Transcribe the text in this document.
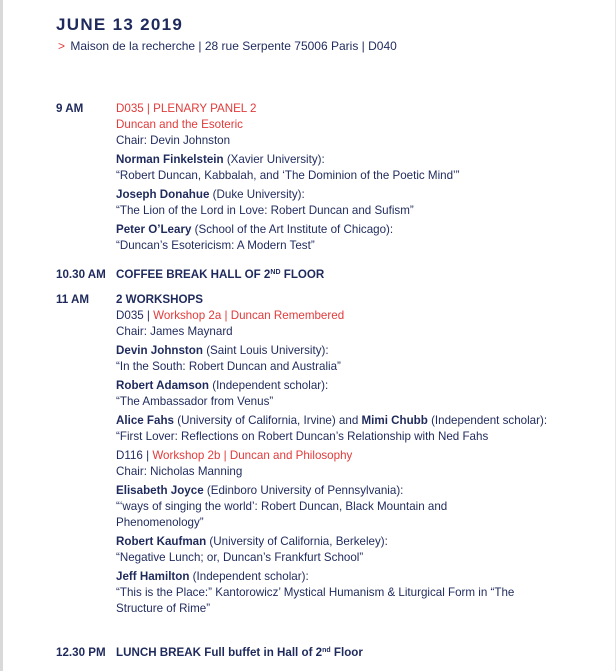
JUNE 13 2019
> Maison de la recherche | 28 rue Serpente 75006 Paris | D040
9 AM	D035 | PLENARY PANEL 2
Duncan and the Esoteric
Chair: Devin Johnston
Norman Finkelstein (Xavier University):
“Robert Duncan, Kabbalah, and ‘The Dominion of the Poetic Mind’”
Joseph Donahue (Duke University):
“The Lion of the Lord in Love: Robert Duncan and Sufism”
Peter O’Leary (School of the Art Institute of Chicago):
“Duncan’s Esotericism: A Modern Test”
10.30 AM COFFEE BREAK HALL OF 2ND FLOOR
11 AM 2 WORKSHOPS
D035 | Workshop 2a | Duncan Remembered
Chair: James Maynard
Devin Johnston (Saint Louis University):
“In the South: Robert Duncan and Australia”
Robert Adamson (Independent scholar):
“The Ambassador from Venus”
Alice Fahs (University of California, Irvine) and Mimi Chubb (Independent scholar):
“First Lover: Reflections on Robert Duncan’s Relationship with Ned Fahs
D116 | Workshop 2b | Duncan and Philosophy
Chair: Nicholas Manning
Elisabeth Joyce (Edinboro University of Pennsylvania):
“‘ways of singing the world’: Robert Duncan, Black Mountain and
Phenomenology”
Robert Kaufman (University of California, Berkeley):
“Negative Lunch; or, Duncan’s Frankfurt School”
Jeff Hamilton (Independent scholar):
“This is the Place:” Kantorowicz’ Mystical Humanism & Liturgical Form in “The
Structure of Rime”
12.30 PM LUNCH BREAK Full buffet in Hall of 2nd Floor
